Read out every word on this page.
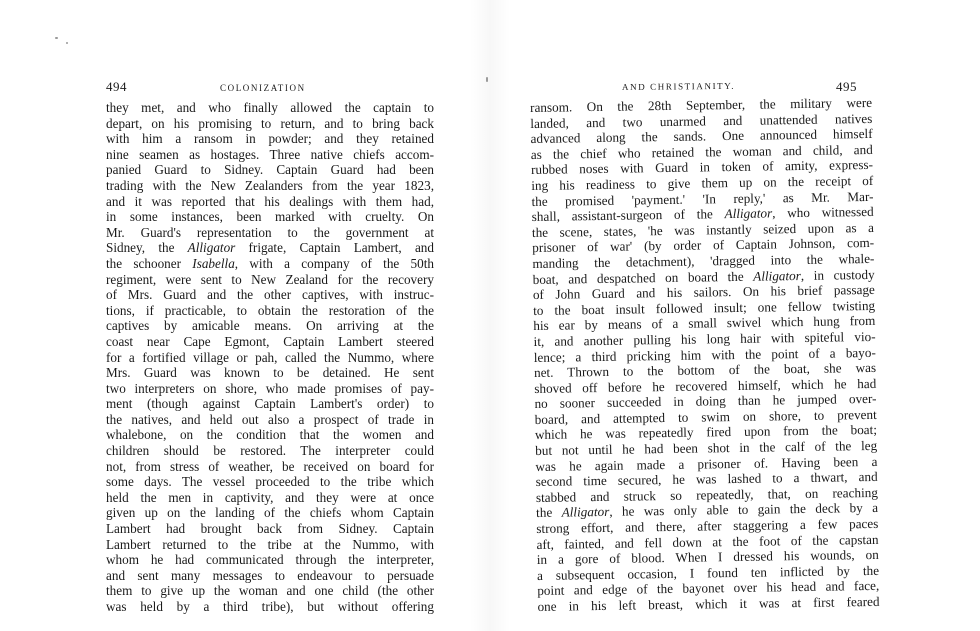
494	COLONIZATION
they met, and who finally allowed the captain to
depart, on his promising to return, and to bring back
with him a ransom in powder; and they retained
nine seamen as hostages. Three native chiefs accom-
panied Guard to Sidney. Captain Guard had been
trading with the New Zealanders from the year 1823,
and it was reported that his dealings with them had,
in some instances, been marked with cruelty. On
Mr. Guard's representation to the government at
Sidney, the Alligator frigate, Captain Lambert, and
the schooner Isabella, with a company of the 50th
regiment, were sent to New Zealand for the recovery
of Mrs. Guard and the other captives, with instruc-
tions, if practicable, to obtain the restoration of the
captives by amicable means. On arriving at the
coast near Cape Egmont, Captain Lambert steered
for a fortified village or pah, called the Nummo, where
Mrs. Guard was known to be detained. He sent
two interpreters on shore, who made promises of pay-
ment (though against Captain Lambert's order) to
the natives, and held out also a prospect of trade in
whalebone, on the condition that the women and
children should be restored. The interpreter could
not, from stress of weather, be received on board for
some days. The vessel proceeded to the tribe which
held the men in captivity, and they were at once
given up on the landing of the chiefs whom Captain
Lambert had brought back from Sidney. Captain
Lambert returned to the tribe at the Nummo, with
whom he had communicated through the interpreter,
and sent many messages to endeavour to persuade
them to give up the woman and one child (the other
was held by a third tribe), but without offering
495
AND CHRISTIANITY.
ransom. On the 28th September, the military were
landed, and two unarmed and unattended natives
advanced along the sands. One announced himself
as the chief who retained the woman and child, and
rubbed noses with Guard in token of amity, express-
ing his readiness to give them up on the receipt of
the promised 'payment.' 'In reply,' as Mr. Mar-
shall, assistant-surgeon of the Alligator, who witnessed
the scene, states, 'he was instantly seized upon as a
prisoner of war' (by order of Captain Johnson, com-
manding the detachment), 'dragged into the whale-
boat, and despatched on board the Alligator, in custody
of John Guard and his sailors. On his brief passage
to the boat insult followed insult; one fellow twisting
his ear by means of a small swivel which hung from
it, and another pulling his long hair with spiteful vio-
lence; a third pricking him with the point of a bayo-
net. Thrown to the bottom of the boat, she was
shoved off before he recovered himself, which he had
no sooner succeeded in doing than he jumped over-
board, and attempted to swim on shore, to prevent
which he was repeatedly fired upon from the boat;
but not until he had been shot in the calf of the leg
was he again made a prisoner of. Having been a
second time secured, he was lashed to a thwart, and
stabbed and struck so repeatedly, that, on reaching
the Alligator, he was only able to gain the deck by a
strong effort, and there, after staggering a few paces
aft, fainted, and fell down at the foot of the capstan
in a gore of blood. When I dressed his wounds, on
a subsequent occasion, I found ten inflicted by the
point and edge of the bayonet over his head and face,
one in his left breast, which it was at first feared
